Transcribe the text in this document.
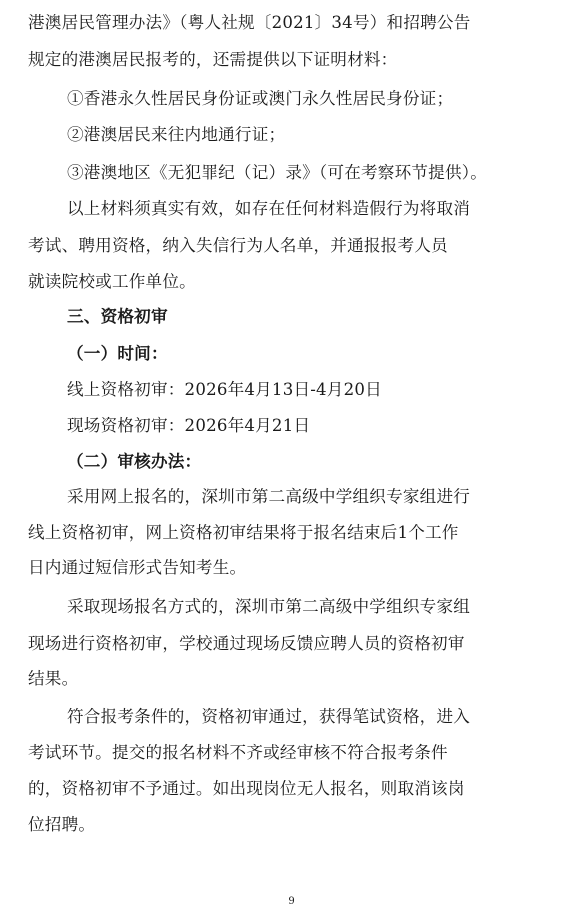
港澳居民管理办法》（粤人社规〔2021〕34号）和招聘公告
规定的港澳居民报考的，还需提供以下证明材料：
①香港永久性居民身份证或澳门永久性居民身份证；
②港澳居民来往内地通行证；
③港澳地区《无犯罪纪（记）录》（可在考察环节提供）。
以上材料须真实有效，如存在任何材料造假行为将取消
考试、聘用资格，纳入失信行为人名单，并通报报考人员
就读院校或工作单位。
三、资格初审
（一）时间：
线上资格初审：2026年4月13日-4月20日
现场资格初审：2026年4月21日
（二）审核办法：
采用网上报名的，深圳市第二高级中学组织专家组进行
线上资格初审，网上资格初审结果将于报名结束后1个工作
日内通过短信形式告知考生。
采取现场报名方式的，深圳市第二高级中学组织专家组
现场进行资格初审，学校通过现场反馈应聘人员的资格初审
结果。
符合报考条件的，资格初审通过，获得笔试资格，进入
考试环节。提交的报名材料不齐或经审核不符合报考条件
的，资格初审不予通过。如出现岗位无人报名，则取消该岗
位招聘。
9
